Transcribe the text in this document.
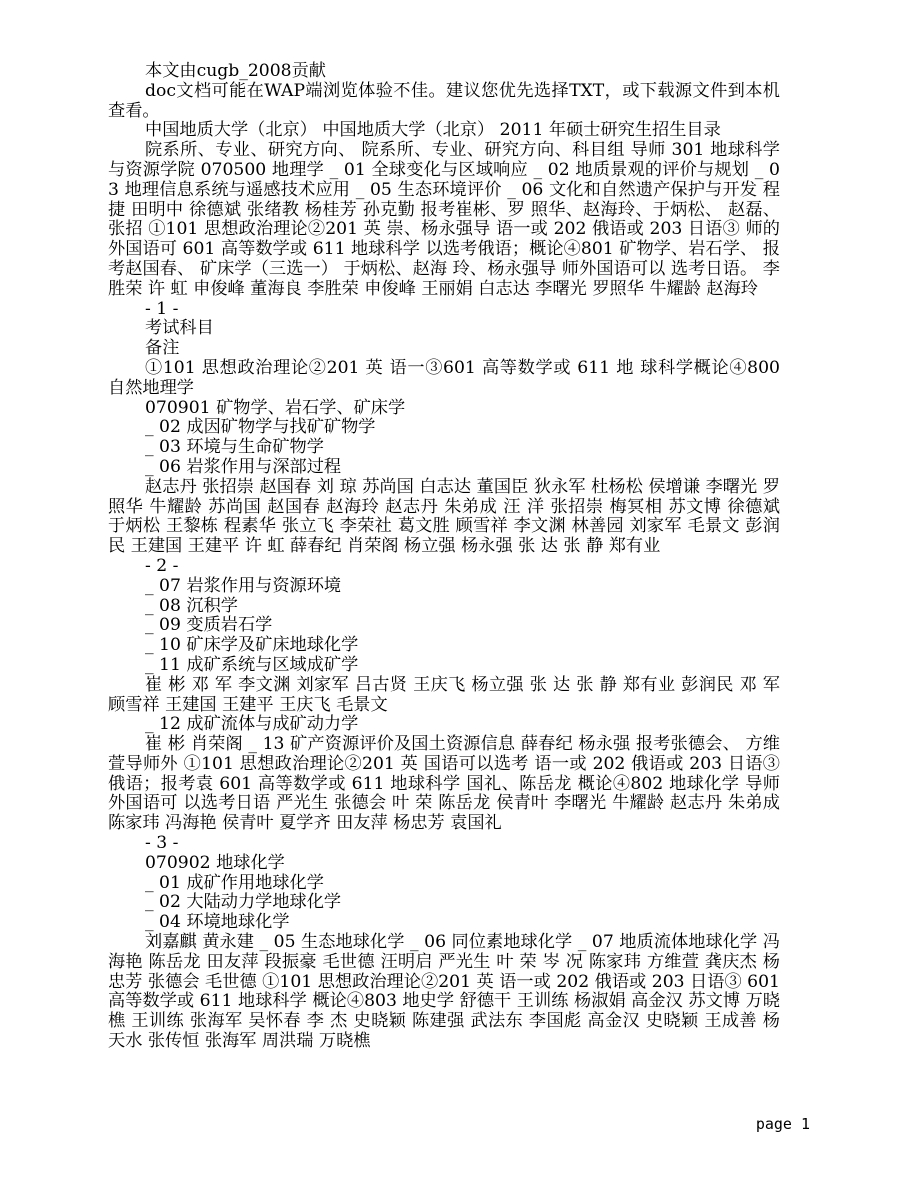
本文由cugb_2008贡献

doc文档可能在WAP端浏览体验不佳。建议您优先选择TXT，或下载源文件到本机查看。

中国地质大学（北京） 中国地质大学（北京） 2011 年硕士研究生招生目录

院系所、专业、研究方向、 院系所、专业、研究方向、科目组 导师 301 地球科学与资源学院 070500 地理学 _ 01 全球变化与区域响应 _ 02 地质景观的评价与规划 _ 03 地理信息系统与遥感技术应用 _ 05 生态环境评价 _ 06 文化和自然遗产保护与开发 程 捷 田明中 徐德斌 张绪教 杨桂芳 孙克勤 报考崔彬、罗 照华、赵海玲、于炳松、 赵磊、张招 ①101 思想政治理论②201 英 崇、杨永强导 语一或 202 俄语或 203 日语③ 师的外国语可 601 高等数学或 611 地球科学 以选考俄语；概论④801 矿物学、岩石学、 报考赵国春、 矿床学（三选一） 于炳松、赵海 玲、杨永强导 师外国语可以 选考日语。 李胜荣 许 虹 申俊峰 董海良 李胜荣 申俊峰 王丽娟 白志达 李曙光 罗照华 牛耀龄 赵海玲

- 1 -

考试科目

备注

①101 思想政治理论②201 英 语一③601 高等数学或 611 地 球科学概论④800 自然地理学

070901 矿物学、岩石学、矿床学

_ 02 成因矿物学与找矿矿物学

_ 03 环境与生命矿物学

_ 06 岩浆作用与深部过程

赵志丹 张招崇 赵国春 刘 琼 苏尚国 白志达 董国臣 狄永军 杜杨松 侯增谦 李曙光 罗照华 牛耀龄 苏尚国 赵国春 赵海玲 赵志丹 朱弟成 汪 洋 张招崇 梅冥相 苏文博 徐德斌 于炳松 王黎栋 程素华 张立飞 李荣社 葛文胜 顾雪祥 李文渊 林善园 刘家军 毛景文 彭润民 王建国 王建平 许 虹 薛春纪 肖荣阁 杨立强 杨永强 张 达 张 静 郑有业

- 2 -

_ 07 岩浆作用与资源环境

_ 08 沉积学

_ 09 变质岩石学

_ 10 矿床学及矿床地球化学

_ 11 成矿系统与区域成矿学

崔 彬 邓 军 李文渊 刘家军 吕古贤 王庆飞 杨立强 张 达 张 静 郑有业 彭润民 邓 军 顾雪祥 王建国 王建平 王庆飞 毛景文

_ 12 成矿流体与成矿动力学

崔 彬 肖荣阁 _ 13 矿产资源评价及国土资源信息 薛春纪 杨永强 报考张德会、 方维萱导师外 ①101 思想政治理论②201 英 国语可以选考 语一或 202 俄语或 203 日语③ 俄语；报考袁 601 高等数学或 611 地球科学 国礼、陈岳龙 概论④802 地球化学 导师外国语可 以选考日语 严光生 张德会 叶 荣 陈岳龙 侯青叶 李曙光 牛耀龄 赵志丹 朱弟成 陈家玮 冯海艳 侯青叶 夏学齐 田友萍 杨忠芳 袁国礼

- 3 -

070902 地球化学

_ 01 成矿作用地球化学

_ 02 大陆动力学地球化学

_ 04 环境地球化学

刘嘉麒 黄永建 _ 05 生态地球化学 _ 06 同位素地球化学 _ 07 地质流体地球化学 冯海艳 陈岳龙 田友萍 段振豪 毛世德 汪明启 严光生 叶 荣 岑 况 陈家玮 方维萱 龚庆杰 杨忠芳 张德会 毛世德 ①101 思想政治理论②201 英 语一或 202 俄语或 203 日语③ 601 高等数学或 611 地球科学 概论④803 地史学 舒德干 王训练 杨淑娟 高金汉 苏文博 万晓樵 王训练 张海军 吴怀春 李 杰 史晓颖 陈建强 武法东 李国彪 高金汉 史晓颖 王成善 杨天水 张传恒 张海军 周洪瑞 万晓樵

page 1
